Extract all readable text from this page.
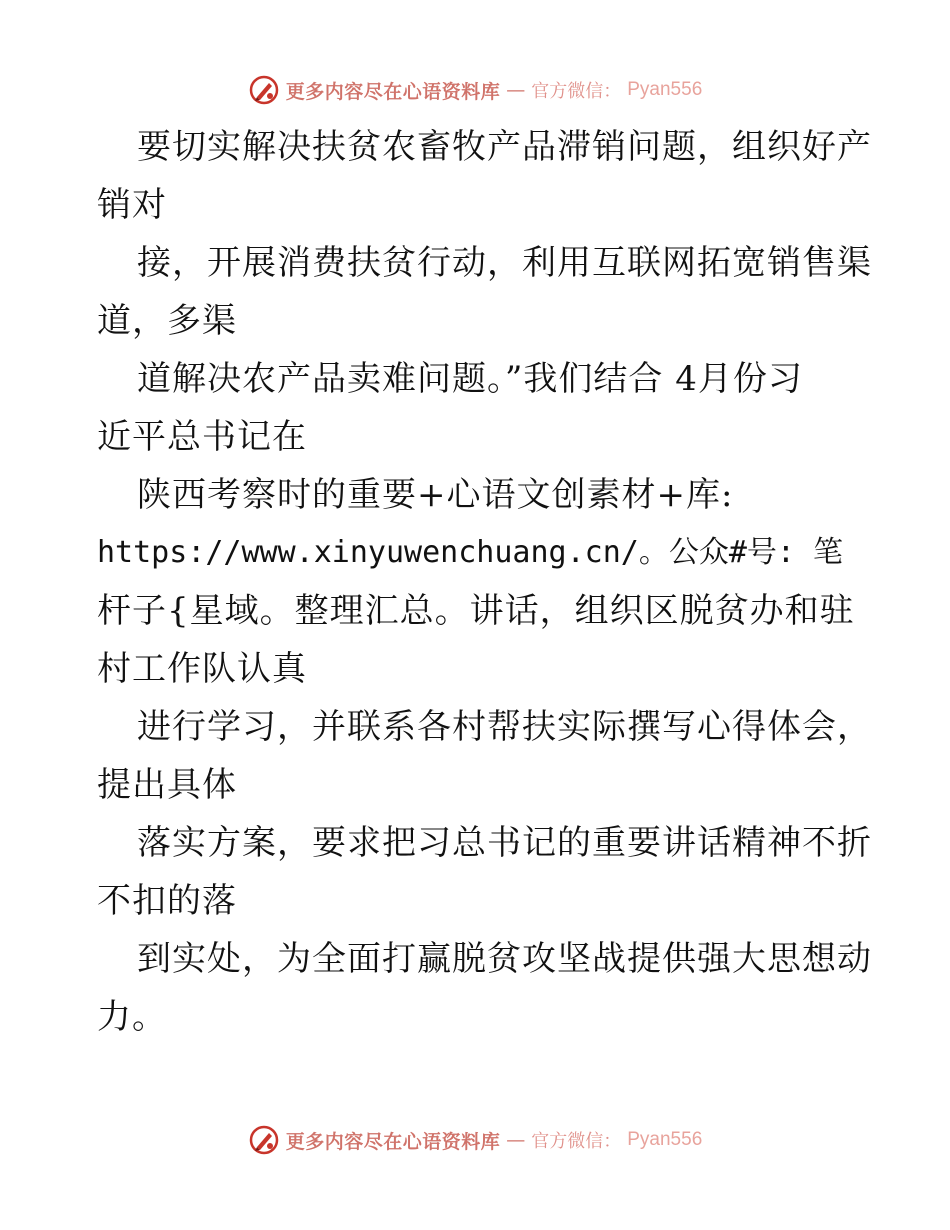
更多内容尽在心语资料库 — 官方微信： Pyan556
要切实解决扶贫农畜牧产品滞销问题，组织好产
销对
接，开展消费扶贫行动，利用互联网拓宽销售渠
道，多渠
道解决农产品卖难问题。”我们结合 4月份习
近平总书记在
陕西考察时的重要+心语文创素材+库:
https://www.xinyuwenchuang.cn/。公众#号: 笔
杆子{星域。整理汇总。讲话，组织区脱贫办和驻
村工作队认真
进行学习，并联系各村帮扶实际撰写心得体会，
提出具体
落实方案，要求把习总书记的重要讲话精神不折
不扣的落
到实处，为全面打赢脱贫攻坚战提供强大思想动
力。
更多内容尽在心语资料库 — 官方微信： Pyan556
